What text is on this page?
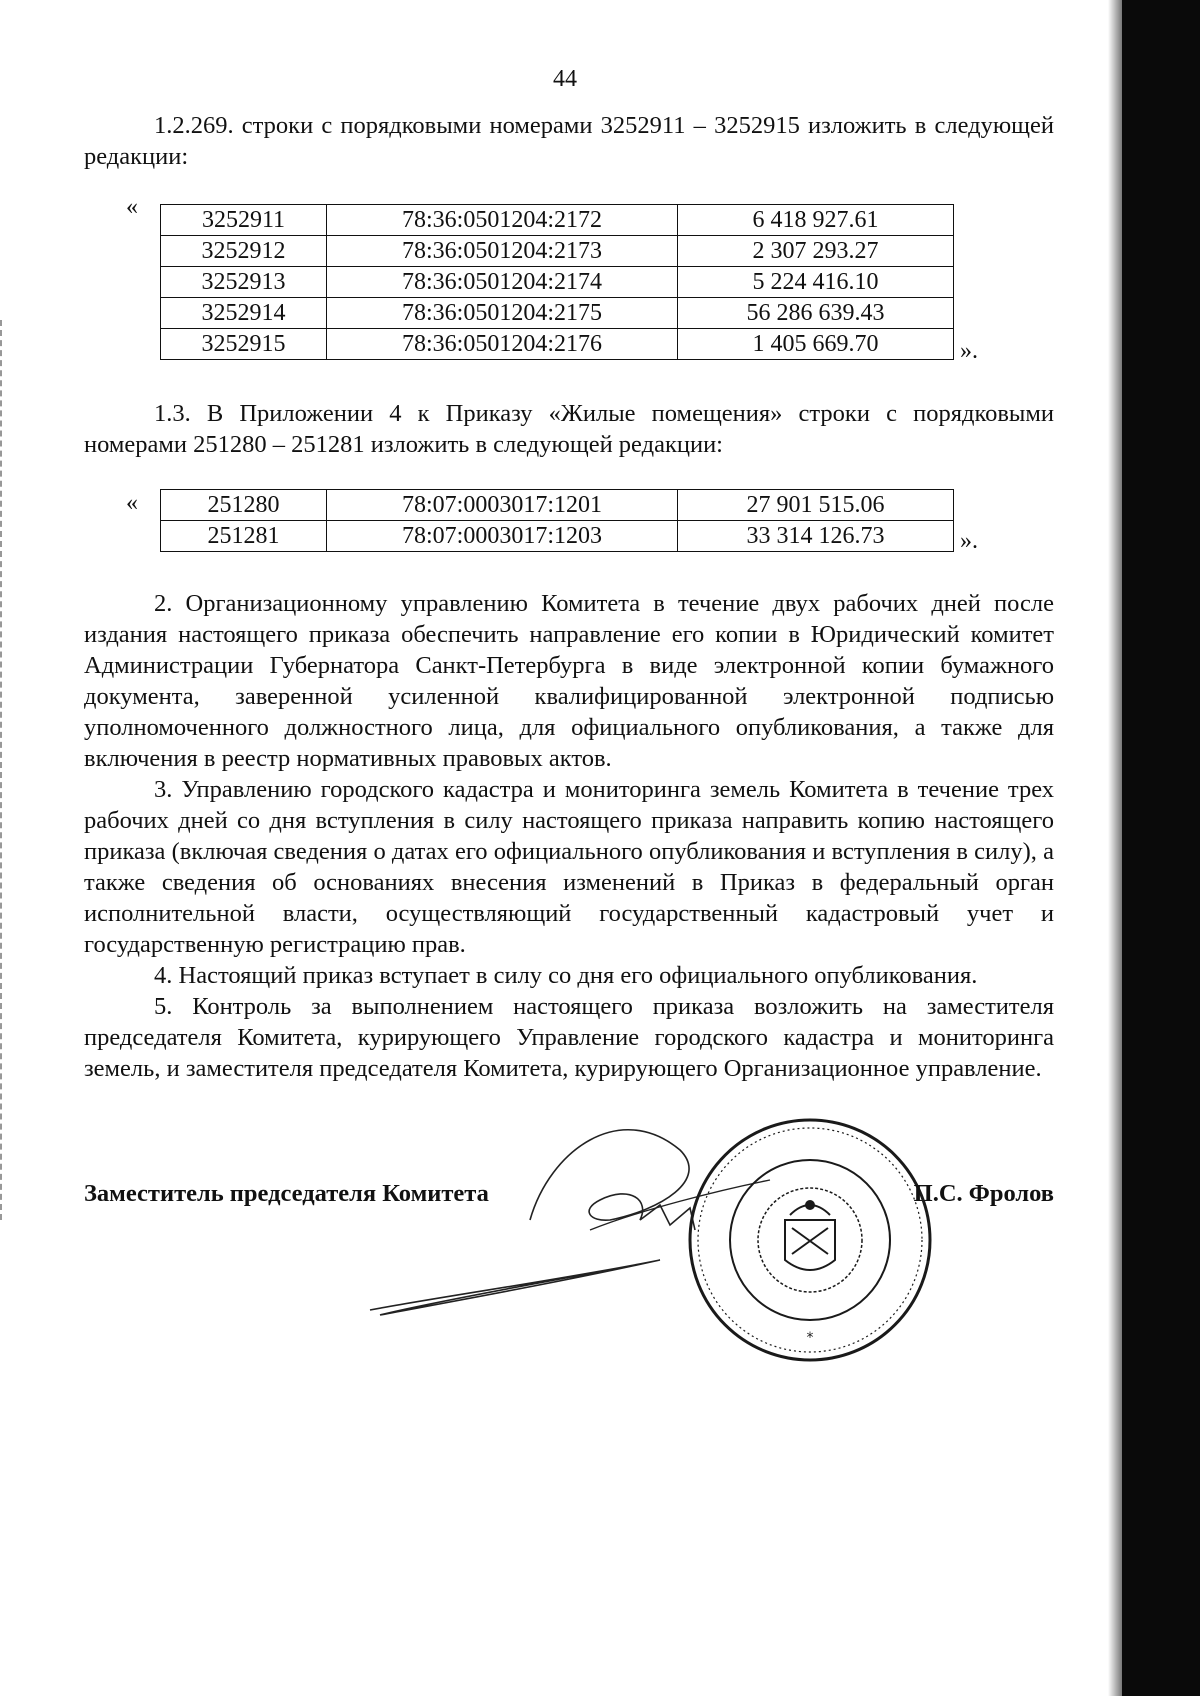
44

1.2.269. строки с порядковыми номерами 3252911 – 3252915 изложить в следующей редакции:

«	3252911	78:36:0501204:2172	6 418 927.61
3252912	78:36:0501204:2173	2 307 293.27
3252913	78:36:0501204:2174	5 224 416.10
3252914	78:36:0501204:2175	56 286 639.43
3252915	78:36:0501204:2176	1 405 669.70	».

1.3. В Приложении 4 к Приказу «Жилые помещения» строки с порядковыми номерами 251280 – 251281 изложить в следующей редакции:

«	251280	78:07:0003017:1201	27 901 515.06
251281	78:07:0003017:1203	33 314 126.73	».

2. Организационному управлению Комитета в течение двух рабочих дней после издания настоящего приказа обеспечить направление его копии в Юридический комитет Администрации Губернатора Санкт-Петербурга в виде электронной копии бумажного документа, заверенной усиленной квалифицированной электронной подписью уполномоченного должностного лица, для официального опубликования, а также для включения в реестр нормативных правовых актов.

3. Управлению городского кадастра и мониторинга земель Комитета в течение трех рабочих дней со дня вступления в силу настоящего приказа направить копию настоящего приказа (включая сведения о датах его официального опубликования и вступления в силу), а также сведения об основаниях внесения изменений в Приказ в федеральный орган исполнительной власти, осуществляющий государственный кадастровый учет и государственную регистрацию прав.

4. Настоящий приказ вступает в силу со дня его официального опубликования.

5. Контроль за выполнением настоящего приказа возложить на заместителя председателя Комитета, курирующего Управление городского кадастра и мониторинга земель, и заместителя председателя Комитета, курирующего Организационное управление.

*
Заместитель председателя Комитета	П.С. Фролов
